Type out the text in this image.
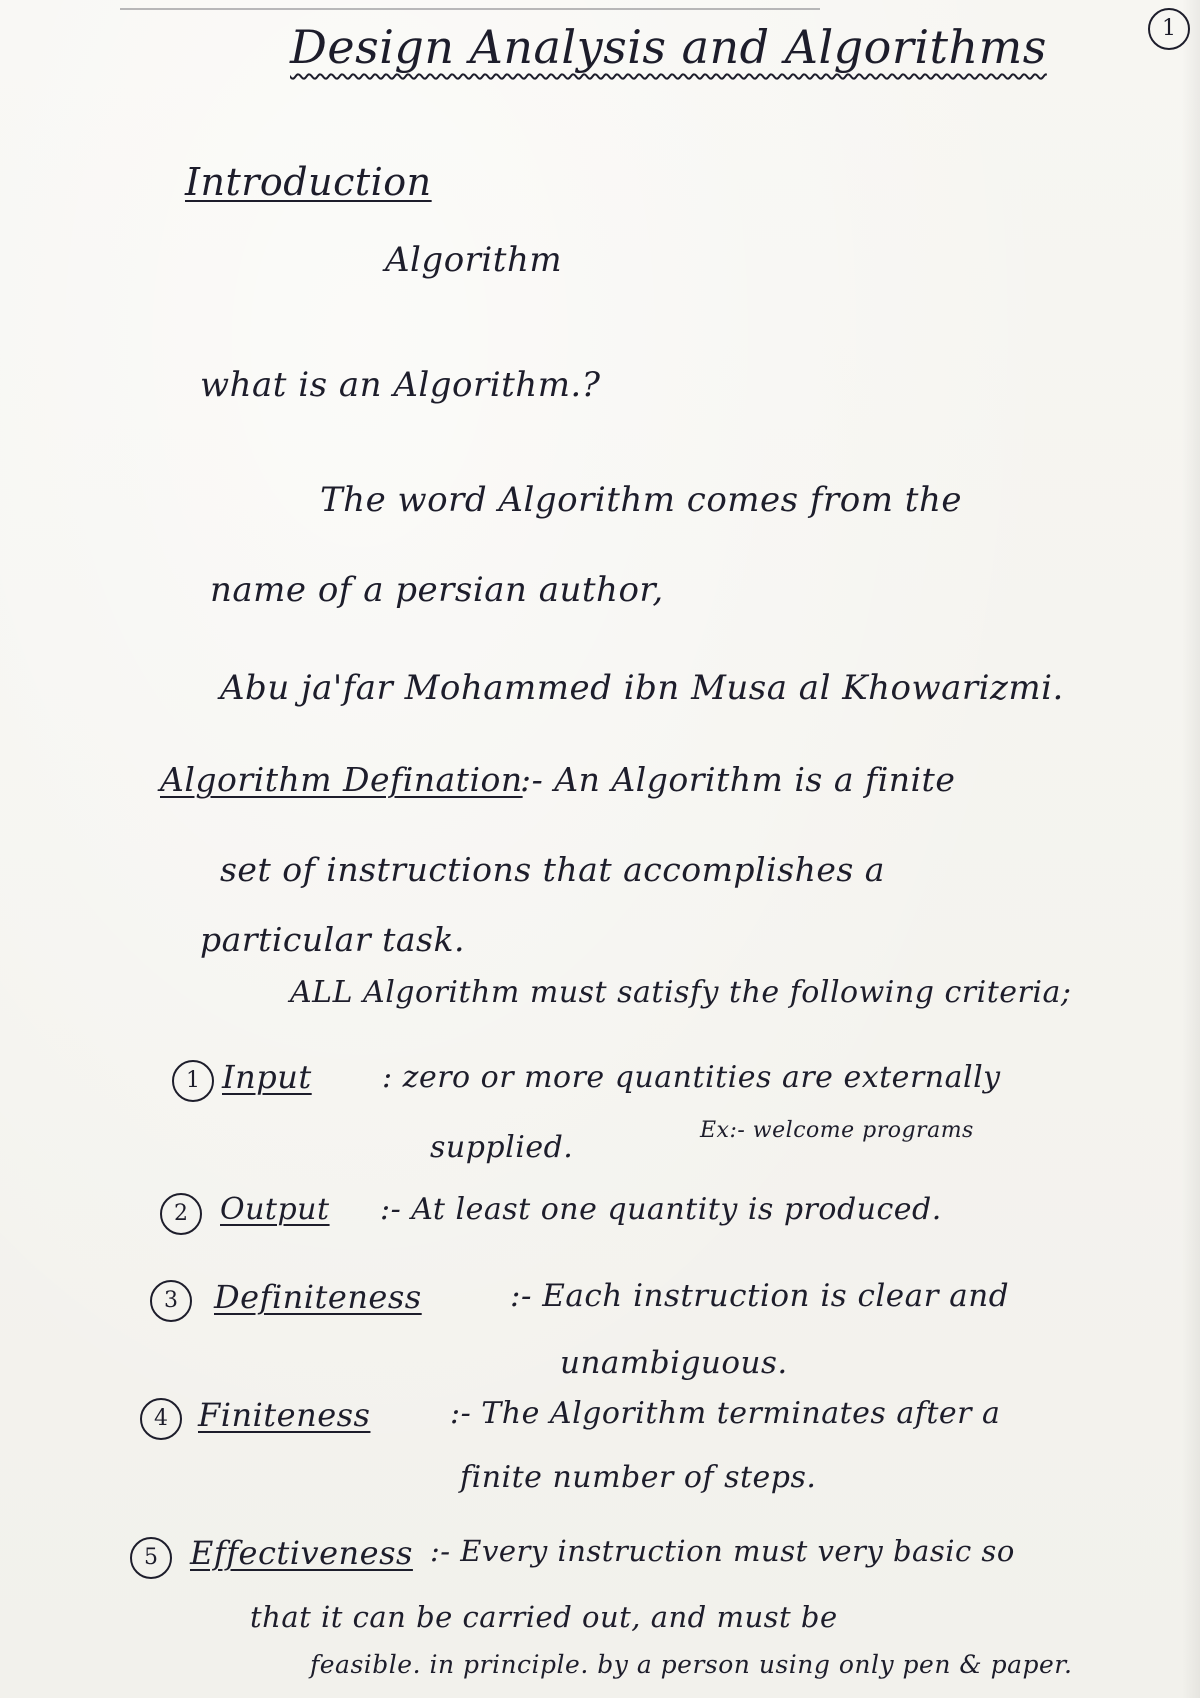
1
Design Analysis and Algorithms
Introduction
Algorithm
what is an Algorithm.?
The word Algorithm comes from the
name of a persian author,
Abu ja'far Mohammed ibn Musa al Khowarizmi.
Algorithm Defination
:- An Algorithm is a finite
set of instructions that accomplishes a
particular task.
ALL Algorithm must satisfy the following criteria;
1 Input : zero or more quantities are externally
supplied.	Ex:- welcome programs
2	Output :- At least one quantity is produced.
3	Definiteness	:- Each instruction is clear and
unambiguous.
4 Finiteness	:- The Algorithm terminates after a
finite number of steps.
5	Effectiveness :- Every instruction must very basic so
that it can be carried out, and must be
feasible. in principle. by a person using only pen & paper.
